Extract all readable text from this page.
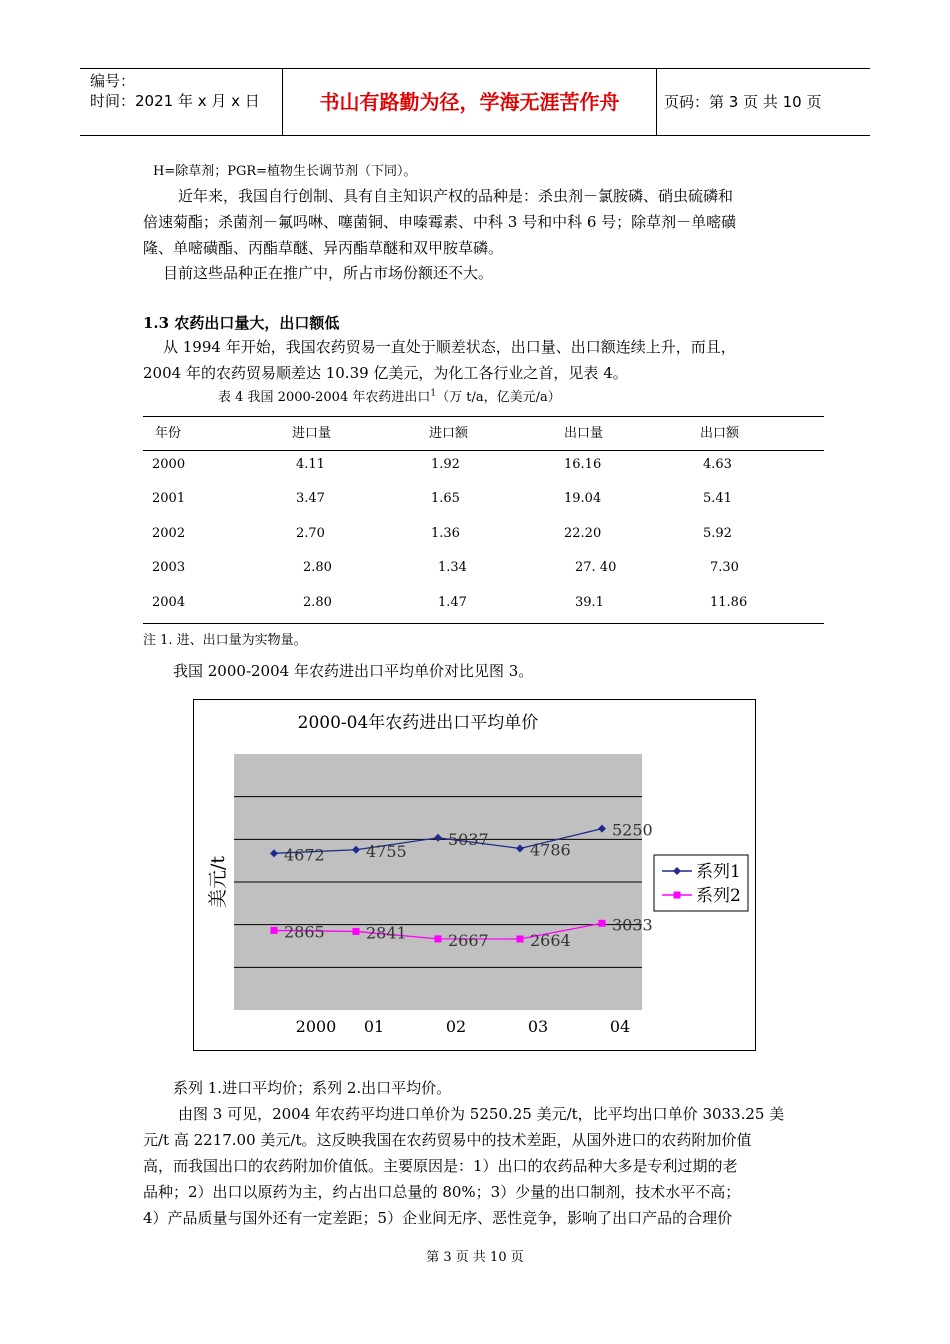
编号：
时间：2021 年 x 月 x 日	书山有路勤为径，学海无涯苦作舟	页码：第 3 页 共 10 页
H=除草剂；PGR=植物生长调节剂（下同）。
近年来，我国自行创制、具有自主知识产权的品种是：杀虫剂－氯胺磷、硝虫硫磷和
倍速菊酯；杀菌剂－氟吗啉、噻菌铜、申嗪霉素、中科 3 号和中科 6 号；除草剂－单嘧磺
隆、单嘧磺酯、丙酯草醚、异丙酯草醚和双甲胺草磷。
目前这些品种正在推广中，所占市场份额还不大。
1.3 农药出口量大，出口额低
从 1994 年开始，我国农药贸易一直处于顺差状态，出口量、出口额连续上升，而且，
2004 年的农药贸易顺差达 10.39 亿美元，为化工各行业之首，见表 4。
表 4 我国 2000-2004 年农药进出口$^1$（万 t/a，亿美元/a）
年份	进口量	进口额	出口量	出口额
2000	4.11	1.92	16.16	4.63
2001	3.47	1.65	19.04	5.41
2002	2.70	1.36	22.20	5.92
2003	2.80	1.34	27. 40	7.30
2004	2.80	1.47	39.1	11.86
注 1. 进、出口量为实物量。
我国 2000-2004 年农药进出口平均单价对比见图 3。
2000-04年农药进出口平均单价
美元/t
2000 01	02	03	04
4672	4755
5037
4786
5250
2865	2841	2667	2664
3033
系列1
系列2
系列 1.进口平均价；系列 2.出口平均价。
由图 3 可见，2004 年农药平均进口单价为 5250.25 美元/t，比平均出口单价 3033.25 美
元/t 高 2217.00 美元/t。这反映我国在农药贸易中的技术差距，从国外进口的农药附加价值
高，而我国出口的农药附加价值低。主要原因是：1）出口的农药品种大多是专利过期的老
品种；2）出口以原药为主，约占出口总量的 80%；3）少量的出口制剂，技术水平不高；
4）产品质量与国外还有一定差距；5）企业间无序、恶性竞争，影响了出口产品的合理价
第 3 页 共 10 页
